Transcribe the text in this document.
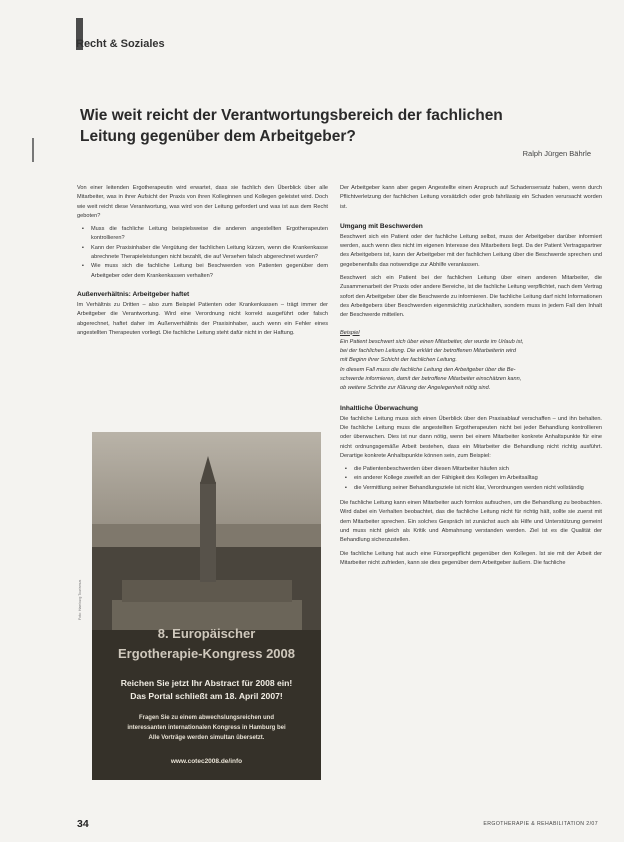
Recht & Soziales
Wie weit reicht der Verantwortungsbereich der fachlichen Leitung gegenüber dem Arbeitgeber?
Ralph Jürgen Bährle

Von einer leitenden Ergotherapeutin wird erwartet, dass sie fachlich den Überblick über alle Mitarbeiter, was in ihrer Aufsicht der Praxis von ihren Kolleginnen und Kollegen geleistet wird. Doch wie weit reicht diese Verantwortung, was wird von der Leitung gefordert und was ist aus dem Recht geboten?

▪ Muss die fachliche Leitung beispielsweise die anderen angestellten Ergotherapeuten kontrollieren?
▪ Kann der Praxisinhaber die Vergütung der fachlichen Leitung kürzen, wenn die Krankenkasse abrechnete Therapieleistungen nicht bezahlt, die auf Versehen falsch abgerechnet wurden?
▪ Wie muss sich die fachliche Leitung bei Beschwerden von Patienten gegenüber dem Arbeitgeber oder dem Krankenkassen verhalten?
Außenverhältnis: Arbeitgeber haftet

Im Verhältnis zu Dritten – also zum Beispiel Patienten oder Krankenkassen – trägt immer der Arbeitgeber die Verantwortung. Wird eine Verordnung nicht korrekt ausgeführt oder falsch abgerechnet, haftet daher im Außenverhältnis der Praxisinhaber, auch wenn ein Fehler eines angestellten Therapeuten vorliegt. Die fachliche Leitung steht dafür nicht in der Haftung.

8. Europäischer
Ergotherapie-Kongress 2008
Reichen Sie jetzt Ihr Abstract für 2008 ein!
Das Portal schließt am 18. April 2007!
Fragen Sie zu einem abwechslungsreichen und
interessanten internationalen Kongress in Hamburg bei
Alle Vorträge werden simultan übersetzt.
www.cotec2008.de/info
Foto: Hamburg Tourismus

Der Arbeitgeber kann aber gegen Angestellte einen Anspruch auf Schadensersatz haben, wenn durch Pflichtverletzung der fachlichen Leitung vorsätzlich oder grob fahrlässig ein Schaden verursacht worden ist.

Umgang mit Beschwerden

Beschwert sich ein Patient oder der fachliche Leitung selbst, muss der Arbeitgeber darüber informiert werden, auch wenn dies nicht im eigenen Interesse des Mitarbeiters liegt. Da der Patient Vertragspartner des Arbeitgebers ist, kann der Arbeitgeber mit der fachlichen Leitung über die Beschwerde sprechen und gegebenenfalls das notwendige zur Abhilfe veranlassen.

Beschwert sich ein Patient bei der fachlichen Leitung über einen anderen Mitarbeiter, die Zusammenarbeit der Praxis oder andere Bereiche, ist die fachliche Leitung verpflichtet, nach dem Vertrag sofort den Arbeitgeber über die Beschwerde zu informieren. Die fachliche Leitung darf nicht Informationen des Arbeitgebers über Beschwerden eigenmächtig zurückhalten, sondern muss in jedem Fall den Inhalt der Beschwerde mitteilen.

Beispiel
Ein Patient beschwert sich über einen Mitarbeiter, der wurde im Urlaub ist,
bei der fachlichen Leitung. Die erklärt der betroffenen Mitarbeiterin wird
mit Beginn ihrer Schicht der fachlichen Leitung.
In diesem Fall muss die fachliche Leitung den Arbeitgeber über die Be-
schwerde informieren, damit der betroffene Mitarbeiter einschätzen kann,
ob weitere Schritte zur Klärung der Angelegenheit nötig sind.
Inhaltliche Überwachung

Die fachliche Leitung muss sich einen Überblick über den Praxisablauf verschaffen – und ihn behalten. Die fachliche Leitung muss die angestellten Ergotherapeuten nicht bei jeder Behandlung kontrollieren oder überwachen. Dies ist nur dann nötig, wenn bei einem Mitarbeiter konkrete Anhaltspunkte für eine nicht ordnungsgemäße Arbeit bestehen, dass ein Mitarbeiter die Behandlung nicht richtig ausführt. Derartige konkrete Anhaltspunkte können sein, zum Beispiel:

▪ die Patientenbeschwerden über diesen Mitarbeiter häufen sich
▪ ein anderer Kollege zweifelt an der Fähigkeit des Kollegen im Arbeitsalltag
▪ die Vermittlung seiner Behandlungsziele ist nicht klar, Verordnungen werden nicht vollständig

Die fachliche Leitung kann einen Mitarbeiter auch formlos aufsuchen, um die Behandlung zu beobachten. Wird dabei ein Verhalten beobachtet, das die fachliche Leitung nicht für richtig hält, sollte sie zuerst mit dem Mitarbeiter sprechen. Ein solches Gespräch ist zunächst auch als Hilfe und Unterstützung gemeint und muss nicht gleich als Kritik und Abmahnung verstanden werden. Ziel ist es die Qualität der Behandlung sicherzustellen.

Die fachliche Leitung hat auch eine Fürsorgepflicht gegenüber den Kollegen. Ist sie mit der Arbeit der Mitarbeiter nicht zufrieden, kann sie dies gegenüber dem Arbeitgeber äußern. Die fachliche

34	ERGOTHERAPIE & REHABILITATION 2/07
